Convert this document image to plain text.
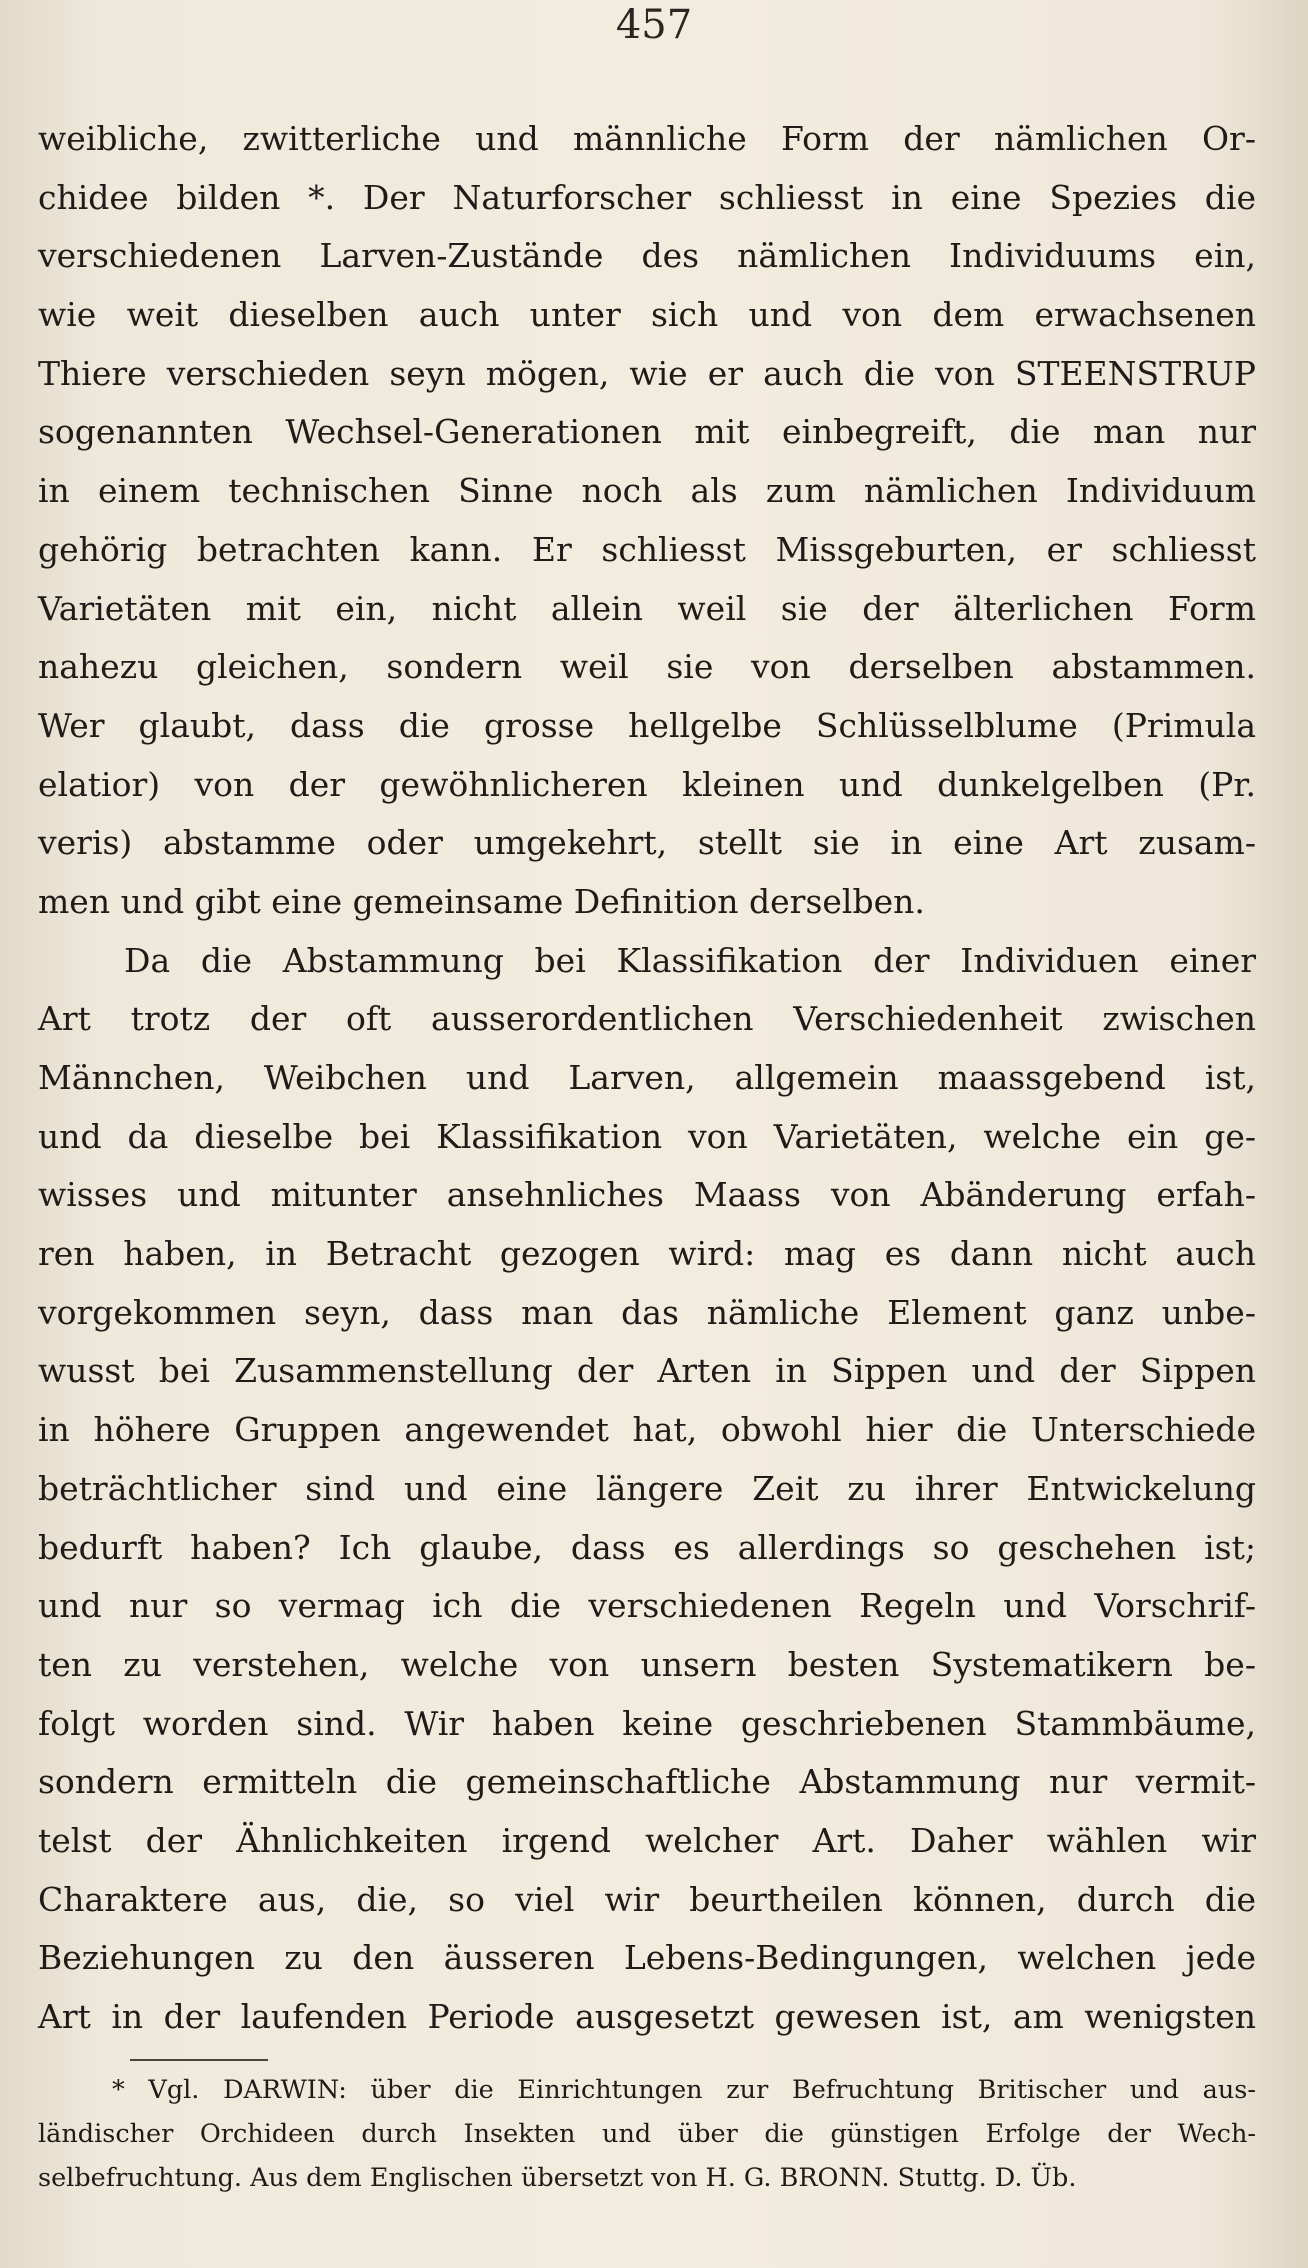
457
weibliche, zwitterliche und männliche Form der nämlichen Or-
chidee bilden *. Der Naturforscher schliesst in eine Spezies die
verschiedenen Larven-Zustände des nämlichen Individuums ein,
wie weit dieselben auch unter sich und von dem erwachsenen
Thiere verschieden seyn mögen, wie er auch die von STEENSTRUP
sogenannten Wechsel-Generationen mit einbegreift, die man nur
in einem technischen Sinne noch als zum nämlichen Individuum
gehörig betrachten kann. Er schliesst Missgeburten, er schliesst
Varietäten mit ein, nicht allein weil sie der älterlichen Form
nahezu gleichen, sondern weil sie von derselben abstammen.
Wer glaubt, dass die grosse hellgelbe Schlüsselblume (Primula
elatior) von der gewöhnlicheren kleinen und dunkelgelben (Pr.
veris) abstamme oder umgekehrt, stellt sie in eine Art zusam-
men und gibt eine gemeinsame Definition derselben.
Da die Abstammung bei Klassifikation der Individuen einer
Art trotz der oft ausserordentlichen Verschiedenheit zwischen
Männchen, Weibchen und Larven, allgemein maassgebend ist,
und da dieselbe bei Klassifikation von Varietäten, welche ein ge-
wisses und mitunter ansehnliches Maass von Abänderung erfah-
ren haben, in Betracht gezogen wird: mag es dann nicht auch
vorgekommen seyn, dass man das nämliche Element ganz unbe-
wusst bei Zusammenstellung der Arten in Sippen und der Sippen
in höhere Gruppen angewendet hat, obwohl hier die Unterschiede
beträchtlicher sind und eine längere Zeit zu ihrer Entwickelung
bedurft haben? Ich glaube, dass es allerdings so geschehen ist;
und nur so vermag ich die verschiedenen Regeln und Vorschrif-
ten zu verstehen, welche von unsern besten Systematikern be-
folgt worden sind. Wir haben keine geschriebenen Stammbäume,
sondern ermitteln die gemeinschaftliche Abstammung nur vermit-
telst der Ähnlichkeiten irgend welcher Art. Daher wählen wir
Charaktere aus, die, so viel wir beurtheilen können, durch die
Beziehungen zu den äusseren Lebens-Bedingungen, welchen jede
Art in der laufenden Periode ausgesetzt gewesen ist, am wenigsten
* Vgl. DARWIN: über die Einrichtungen zur Befruchtung Britischer und aus-
ländischer Orchideen durch Insekten und über die günstigen Erfolge der Wech-
selbefruchtung. Aus dem Englischen übersetzt von H. G. BRONN. Stuttg. D. Üb.
